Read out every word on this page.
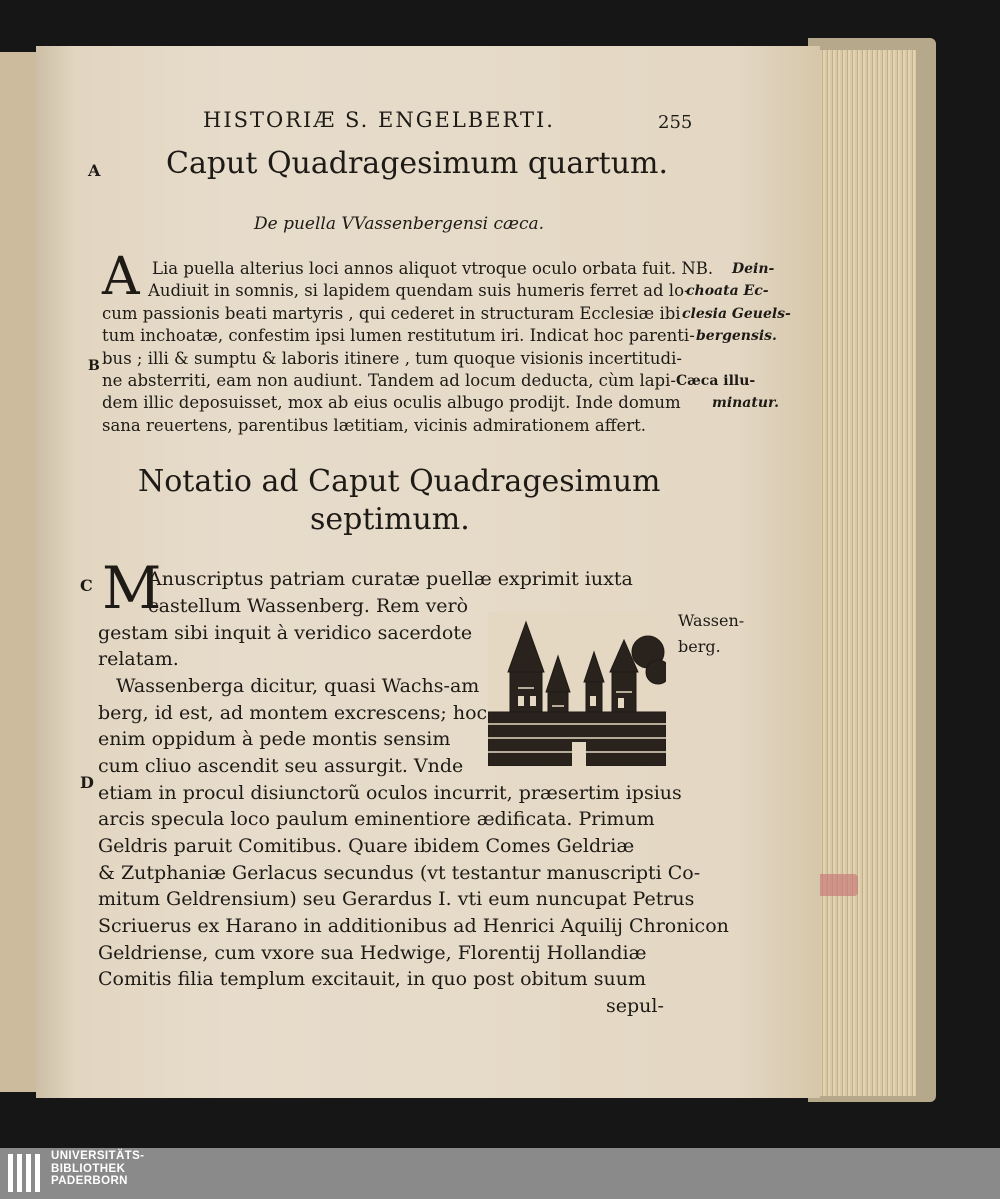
HISTORIÆ S. ENGELBERTI.	255
A
B
C
D
Caput Quadragesimum quartum.
De puella VVassenbergensi cæca.
A Lia puella alterius loci annos aliquot vtroque oculo orbata fuit. NB.
Audiuit in somnis, si lapidem quendam suis humeris ferret ad lo-
cum passionis beati martyris , qui cederet in structuram Ecclesiæ ibi
tum inchoatæ, confestim ipsi lumen restitutum iri. Indicat hoc parenti-
bus ; illi & sumptu & laboris itinere , tum quoque visionis incertitudi-
ne absterriti, eam non audiunt. Tandem ad locum deducta, cùm lapi-
dem illic deposuisset, mox ab eius oculis albugo prodijt. Inde domum
sana reuertens, parentibus lætitiam, vicinis admirationem affert.
Dein-
choata Ec-
clesia Geuels-
bergensis.
Cæca illu-
minatur.
Notatio ad Caput Quadragesimum
septimum.
M
Anuscriptus patriam curatæ puellæ exprimit iuxta
castellum Wassenberg. Rem verò
gestam sibi inquit à veridico sacerdote
relatam.
Wassenberga dicitur, quasi Wachs-am
berg, id est, ad montem excrescens; hoc
enim oppidum à pede montis sensim
cum cliuo ascendit seu assurgit. Vnde
etiam in procul disiunctorũ oculos incurrit, præsertim ipsius
arcis specula loco paulum eminentiore ædificata. Primum
Geldris paruit Comitibus. Quare ibidem Comes Geldriæ
& Zutphaniæ Gerlacus secundus (vt testantur manuscripti Co-
mitum Geldrensium) seu Gerardus I. vti eum nuncupat Petrus
Scriuerus ex Harano in additionibus ad Henrici Aquilij Chronicon
Geldriense, cum vxore sua Hedwige, Florentij Hollandiæ
Comitis filia templum excitauit, in quo post obitum suum
sepul-
Wassen-
berg.
UNIVERSITÄTS-
BIBLIOTHEK
PADERBORN
